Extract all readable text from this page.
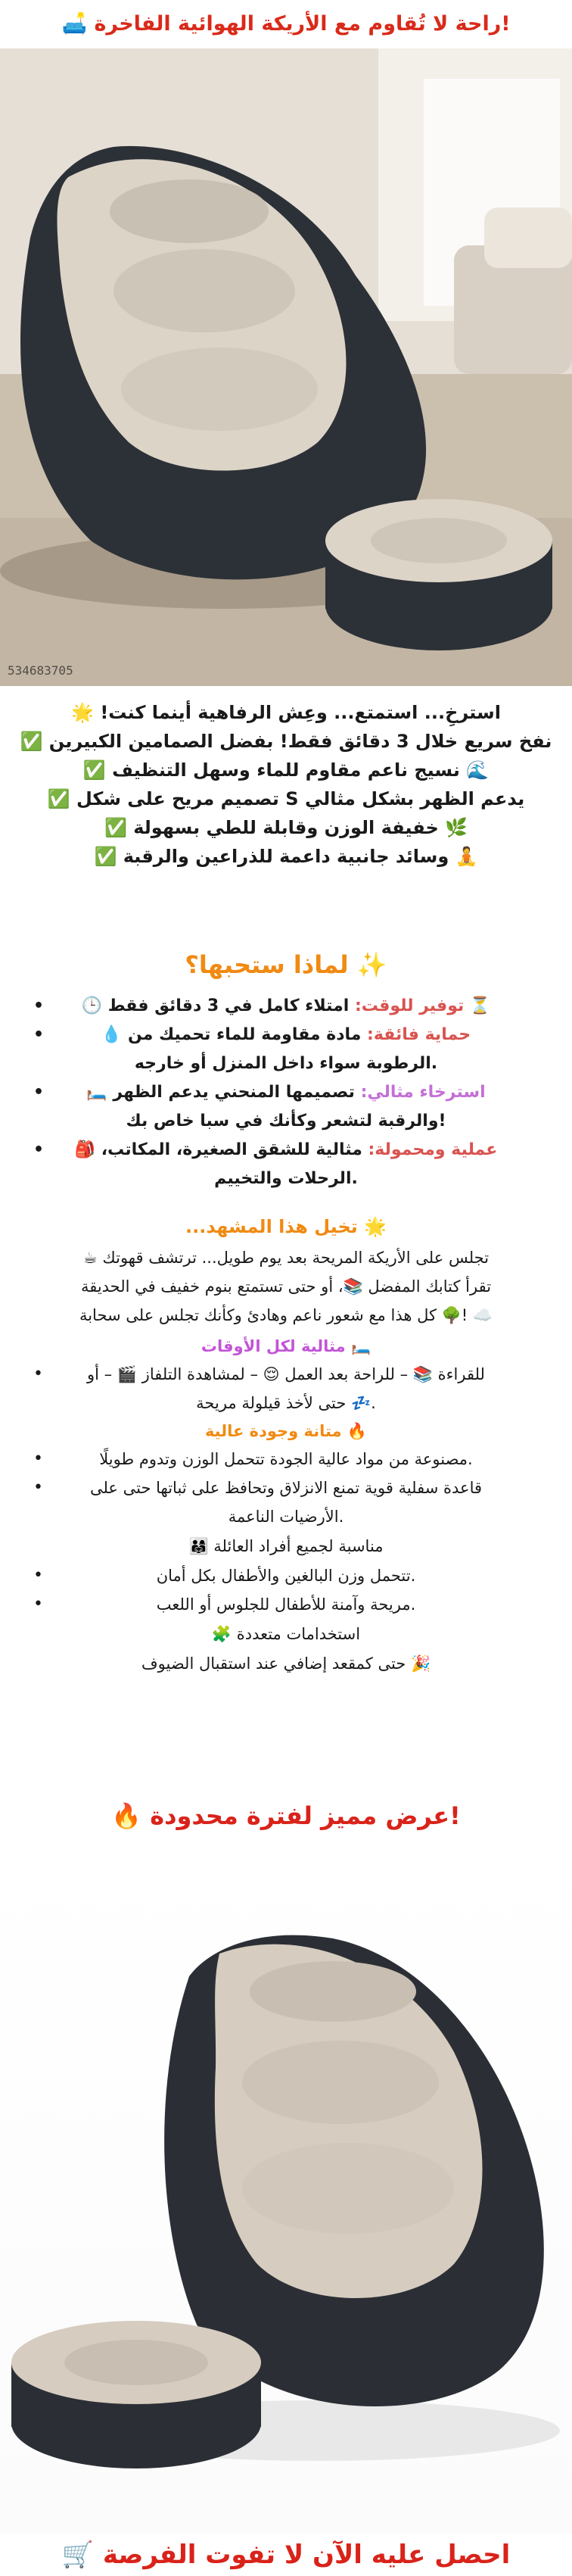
!راحة لا تُقاوم مع الأريكة الهوائية الفاخرة 🛋️
534683705
استرخِ... استمتع... وعِش الرفاهية أينما كنت! 🌟
نفخ سريع خلال 3 دقائق فقط! بفضل الصمامين الكبيرين ✅
🌊 نسيج ناعم مقاوم للماء وسهل التنظيف ✅
يدعم الظهر بشكل مثالي S تصميم مريح على شكل ✅
🌿 خفيفة الوزن وقابلة للطي بسهولة ✅
🧘 وسائد جانبية داعمة للذراعين والرقبة ✅
✨ لماذا ستحبها؟
•	⏳ توفير للوقت: امتلاء كامل في 3 دقائق فقط 🕒
•	حماية فائقة: مادة مقاومة للماء تحميك من 💧
.الرطوبة سواء داخل المنزل أو خارجه
•	استرخاء مثالي: تصميمها المنحني يدعم الظهر 🛏️
!والرقبة لتشعر وكأنك في سبا خاص بك
•	عملية ومحمولة: مثالية للشقق الصغيرة، المكاتب، 🎒
.الرحلات والتخييم
🌟 تخيل هذا المشهد...
تجلس على الأريكة المريحة بعد يوم طويل... ترتشف قهوتك ☕
تقرأ كتابك المفضل 📚، أو حتى تستمتع بنوم خفيف في الحديقة
☁️ !🌳 كل هذا مع شعور ناعم وهادئ وكأنك تجلس على سحابة
🛏️ مثالية لكل الأوقات
•	للقراءة 📚 – للراحة بعد العمل 😌 – لمشاهدة التلفاز 🎬 – أو
.💤 حتى لأخذ قيلولة مريحة
🔥 متانة وجودة عالية
•	.مصنوعة من مواد عالية الجودة تتحمل الوزن وتدوم طويلًا
•	قاعدة سفلية قوية تمنع الانزلاق وتحافظ على ثباتها حتى على
.الأرضيات الناعمة
مناسبة لجميع أفراد العائلة 👨‍👩‍👧
•	.تتحمل وزن البالغين والأطفال بكل أمان
•	.مريحة وآمنة للأطفال للجلوس أو اللعب
استخدامات متعددة 🧩
🎉 حتى كمقعد إضافي عند استقبال الضيوف
!عرض مميز لفترة محدودة 🔥
احصل عليه الآن لا تفوت الفرصة 🛒
